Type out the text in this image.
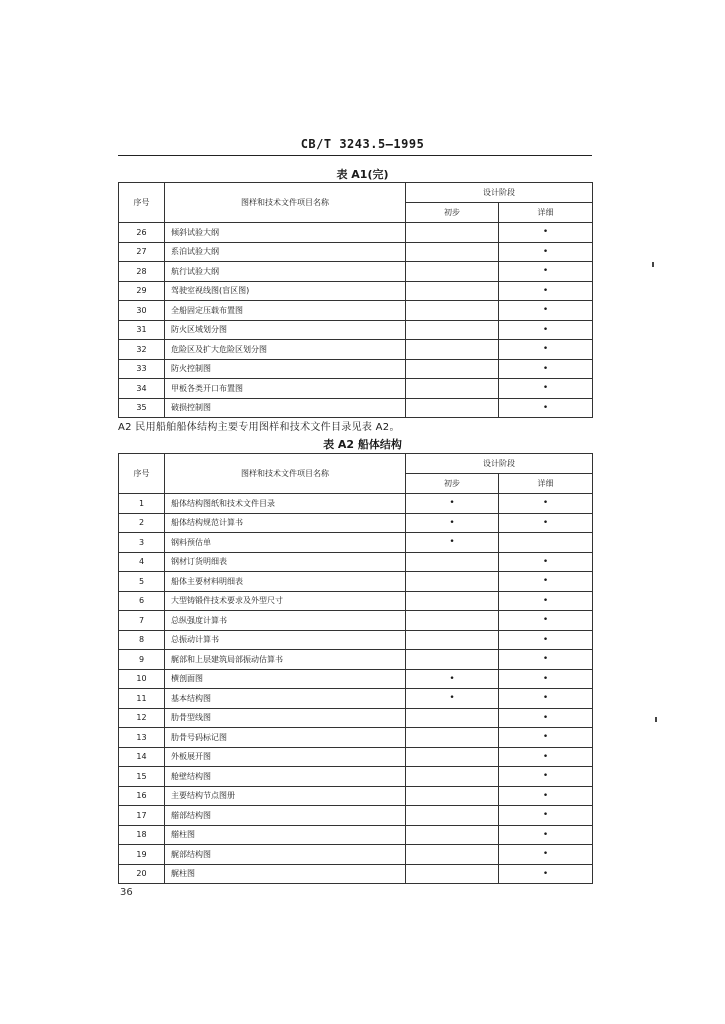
CB/T 3243.5—1995
表 A1(完)
序号	图样和技术文件项目名称	设计阶段	
		初步	详细
26	倾斜试验大纲		•
27	系泊试验大纲		•
28	航行试验大纲		•
29	驾驶室视线图(盲区图)		•
30	全船固定压载布置图		•
31	防火区域划分图		•
32	危险区及扩大危险区划分图		•
33	防火控制图		•
34	甲板各类开口布置图		•
35	破损控制图		•
A2 民用船舶船体结构主要专用图样和技术文件目录见表 A2。
表 A2 船体结构
序号	图样和技术文件项目名称	设计阶段	
		初步	详细
1	船体结构图纸和技术文件目录	•	•
2	船体结构规范计算书	•	•
3	钢料预估单	•	
4	钢材订货明细表		•
5	船体主要材料明细表		•
6	大型铸锻件技术要求及外型尺寸		•
7	总纵强度计算书		•
8	总振动计算书		•
9	艉部和上层建筑局部振动估算书		•
10	横剖面图	•	•
11	基本结构图	•	•
12	肋骨型线图		•
13	肋骨号码标记图		•
14	外板展开图		•
15	舱壁结构图		•
16	主要结构节点图册		•
17	艏部结构图		•
18	艏柱图		•
19	艉部结构图		•
20	艉柱图		•
36
